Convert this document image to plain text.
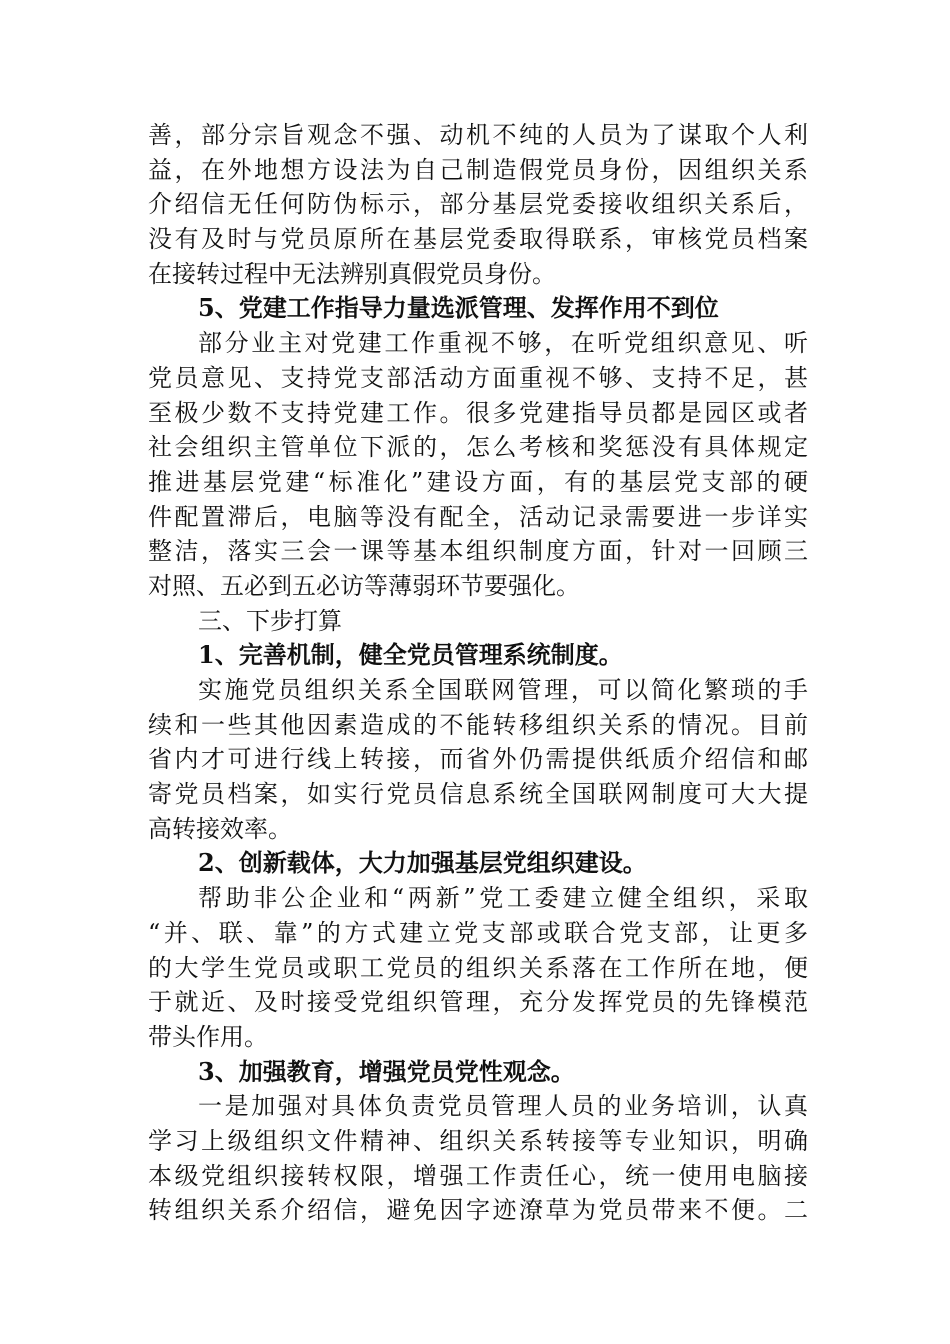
善，部分宗旨观念不强、动机不纯的人员为了谋取个人利
益，在外地想方设法为自己制造假党员身份，因组织关系
介绍信无任何防伪标示，部分基层党委接收组织关系后，
没有及时与党员原所在基层党委取得联系，审核党员档案
在接转过程中无法辨别真假党员身份。
5、党建工作指导力量选派管理、发挥作用不到位
部分业主对党建工作重视不够，在听党组织意见、听
党员意见、支持党支部活动方面重视不够、支持不足，甚
至极少数不支持党建工作。很多党建指导员都是园区或者
社会组织主管单位下派的，怎么考核和奖惩没有具体规定
推进基层党建“标准化”建设方面，有的基层党支部的硬
件配置滞后，电脑等没有配全，活动记录需要进一步详实
整洁，落实三会一课等基本组织制度方面，针对一回顾三
对照、五必到五必访等薄弱环节要强化。
三、下步打算
1、完善机制，健全党员管理系统制度。
实施党员组织关系全国联网管理，可以简化繁琐的手
续和一些其他因素造成的不能转移组织关系的情况。目前
省内才可进行线上转接，而省外仍需提供纸质介绍信和邮
寄党员档案，如实行党员信息系统全国联网制度可大大提
高转接效率。
2、创新载体，大力加强基层党组织建设。
帮助非公企业和“两新”党工委建立健全组织，采取
“并、联、靠”的方式建立党支部或联合党支部，让更多
的大学生党员或职工党员的组织关系落在工作所在地，便
于就近、及时接受党组织管理，充分发挥党员的先锋模范
带头作用。
3、加强教育，增强党员党性观念。
一是加强对具体负责党员管理人员的业务培训，认真
学习上级组织文件精神、组织关系转接等专业知识，明确
本级党组织接转权限，增强工作责任心，统一使用电脑接
转组织关系介绍信，避免因字迹潦草为党员带来不便。二
